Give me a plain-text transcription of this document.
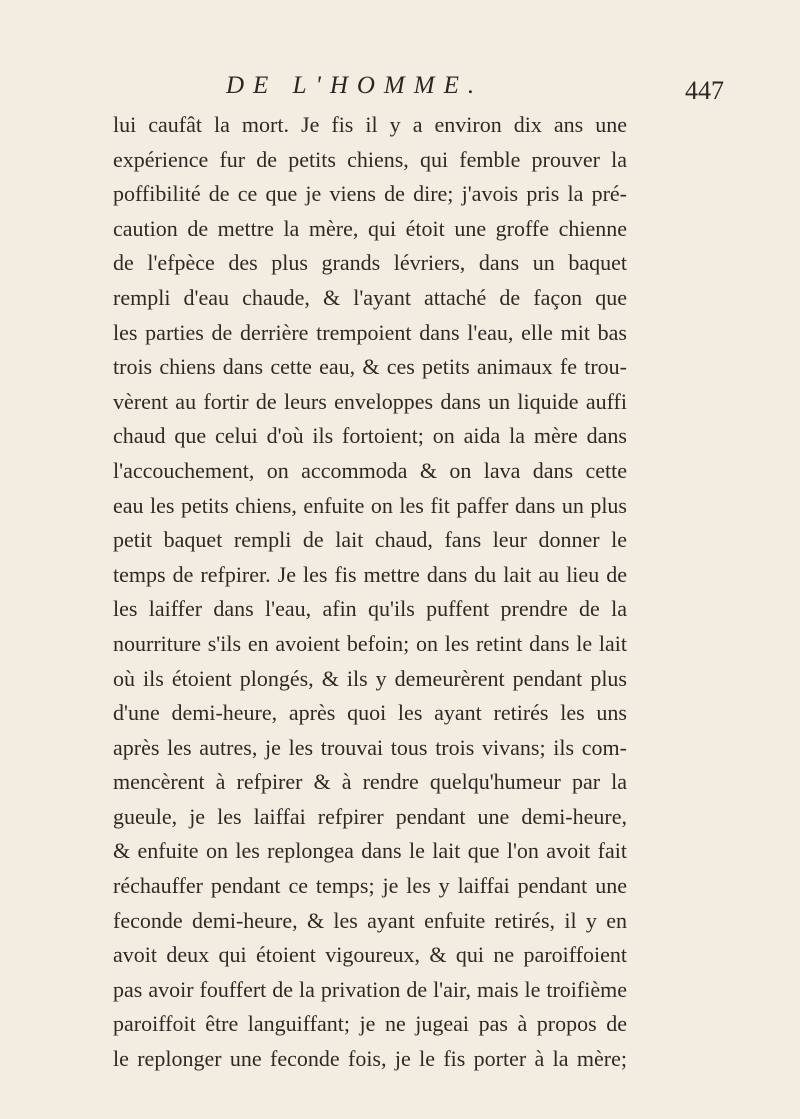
DE L'HOMME.	447
lui caufât la mort. Je fis il y a environ dix ans une
expérience fur de petits chiens, qui femble prouver la
poffibilité de ce que je viens de dire; j'avois pris la pré-
caution de mettre la mère, qui étoit une groffe chienne
de l'efpèce des plus grands lévriers, dans un baquet
rempli d'eau chaude, & l'ayant attaché de façon que
les parties de derrière trempoient dans l'eau, elle mit bas
trois chiens dans cette eau, & ces petits animaux fe trou-
vèrent au fortir de leurs enveloppes dans un liquide auffi
chaud que celui d'où ils fortoient; on aida la mère dans
l'accouchement, on accommoda & on lava dans cette
eau les petits chiens, enfuite on les fit paffer dans un plus
petit baquet rempli de lait chaud, fans leur donner le
temps de refpirer. Je les fis mettre dans du lait au lieu de
les laiffer dans l'eau, afin qu'ils puffent prendre de la
nourriture s'ils en avoient befoin; on les retint dans le lait
où ils étoient plongés, & ils y demeurèrent pendant plus
d'une demi-heure, après quoi les ayant retirés les uns
après les autres, je les trouvai tous trois vivans; ils com-
mencèrent à refpirer & à rendre quelqu'humeur par la
gueule, je les laiffai refpirer pendant une demi-heure,
& enfuite on les replongea dans le lait que l'on avoit fait
réchauffer pendant ce temps; je les y laiffai pendant une
feconde demi-heure, & les ayant enfuite retirés, il y en
avoit deux qui étoient vigoureux, & qui ne paroiffoient
pas avoir fouffert de la privation de l'air, mais le troifième
paroiffoit être languiffant; je ne jugeai pas à propos de
le replonger une feconde fois, je le fis porter à la mère;
